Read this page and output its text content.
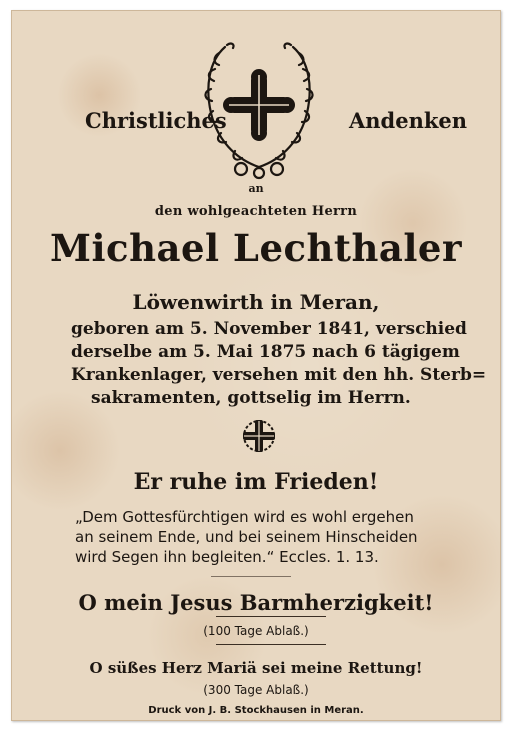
Christliches	Andenken
an
den wohlgeachteten Herrn
Michael Lechthaler
Löwenwirth in Meran,
geboren am 5. November 1841, verschied
derselbe am 5. Mai 1875 nach 6 tägigem
Krankenlager, versehen mit den hh. Sterb=
sakramenten, gottselig im Herrn.
Er ruhe im Frieden!
„Dem Gottesfürchtigen wird es wohl ergehen
an seinem Ende, und bei seinem Hinscheiden
wird Segen ihn begleiten.“ Eccles. 1. 13.
O mein Jesus Barmherzigkeit!
(100 Tage Ablaß.)
O süßes Herz Mariä sei meine Rettung!
(300 Tage Ablaß.)
Druck von J. B. Stockhausen in Meran.
